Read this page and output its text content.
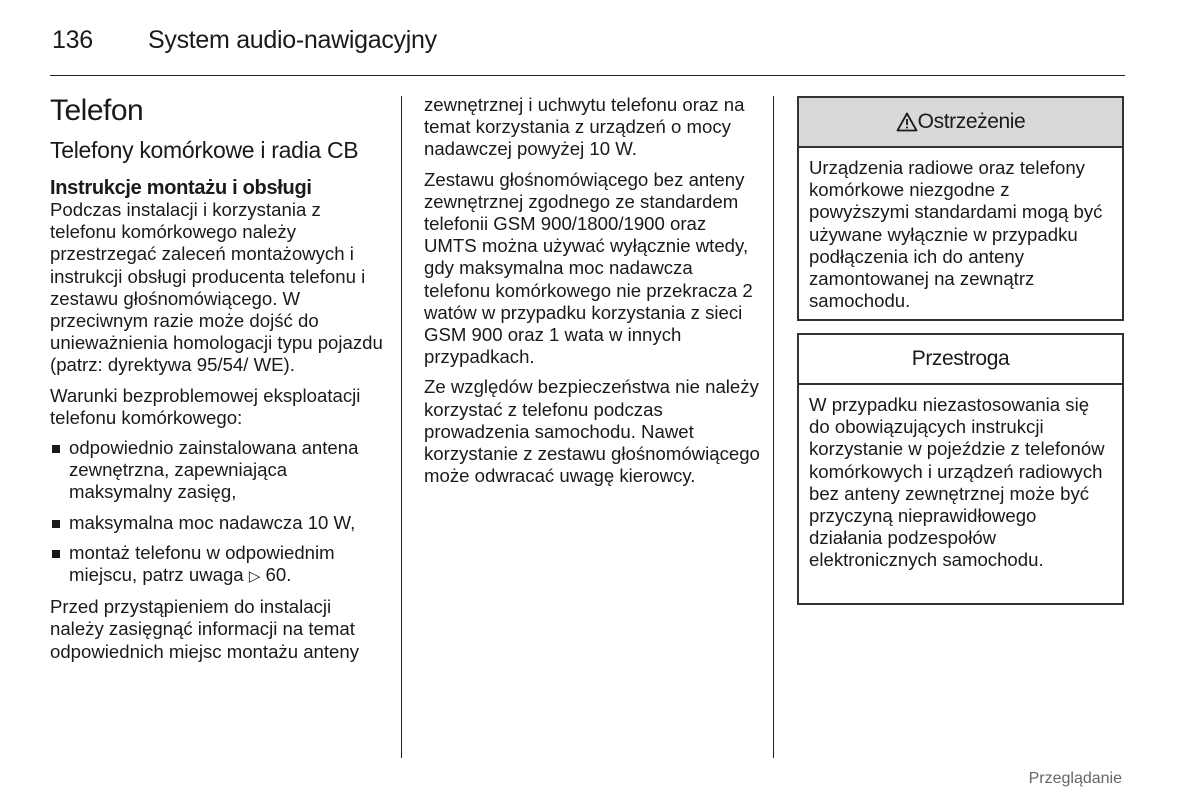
136	System audio-nawigacyjny
Telefon
Telefony komórkowe i radia CB
Instrukcje montażu i obsługi

Podczas instalacji i korzystania z telefonu komórkowego należy przestrzegać zaleceń montażowych i instrukcji obsługi producenta telefonu i zestawu głośnomówiącego. W przeciwnym razie może dojść do unieważnienia homologacji typu pojazdu (patrz: dyrektywa 95/54/ WE).

Warunki bezproblemowej eksploatacji telefonu komórkowego:

odpowiednio zainstalowana antena zewnętrzna, zapewniająca maksymalny zasięg,
maksymalna moc nadawcza 10 W,
montaż telefonu w odpowiednim miejscu, patrz uwaga ▷ 60.

Przed przystąpieniem do instalacji należy zasięgnąć informacji na temat odpowiednich miejsc montażu anteny

zewnętrznej i uchwytu telefonu oraz na temat korzystania z urządzeń o mocy nadawczej powyżej 10 W.

Zestawu głośnomówiącego bez anteny zewnętrznej zgodnego ze standardem telefonii GSM 900/1800/1900 oraz UMTS można używać wyłącznie wtedy, gdy maksymalna moc nadawcza telefonu komórkowego nie przekracza 2 watów w przypadku korzystania z sieci GSM 900 oraz 1 wata w innych przypadkach.

Ze względów bezpieczeństwa nie należy korzystać z telefonu podczas prowadzenia samochodu. Nawet korzystanie z zestawu głośnomówiącego może odwracać uwagę kierowcy.

Ostrzeżenie
Urządzenia radiowe oraz telefony komórkowe niezgodne z powyższymi standardami mogą być używane wyłącznie w przypadku podłączenia ich do anteny zamontowanej na zewnątrz samochodu.
Przestroga
W przypadku niezastosowania się do obowiązujących instrukcji korzystanie w pojeździe z telefonów komórkowych i urządzeń radiowych bez anteny zewnętrznej może być przyczyną nieprawidłowego działania podzespołów elektronicznych samochodu.
Przeglądanie
